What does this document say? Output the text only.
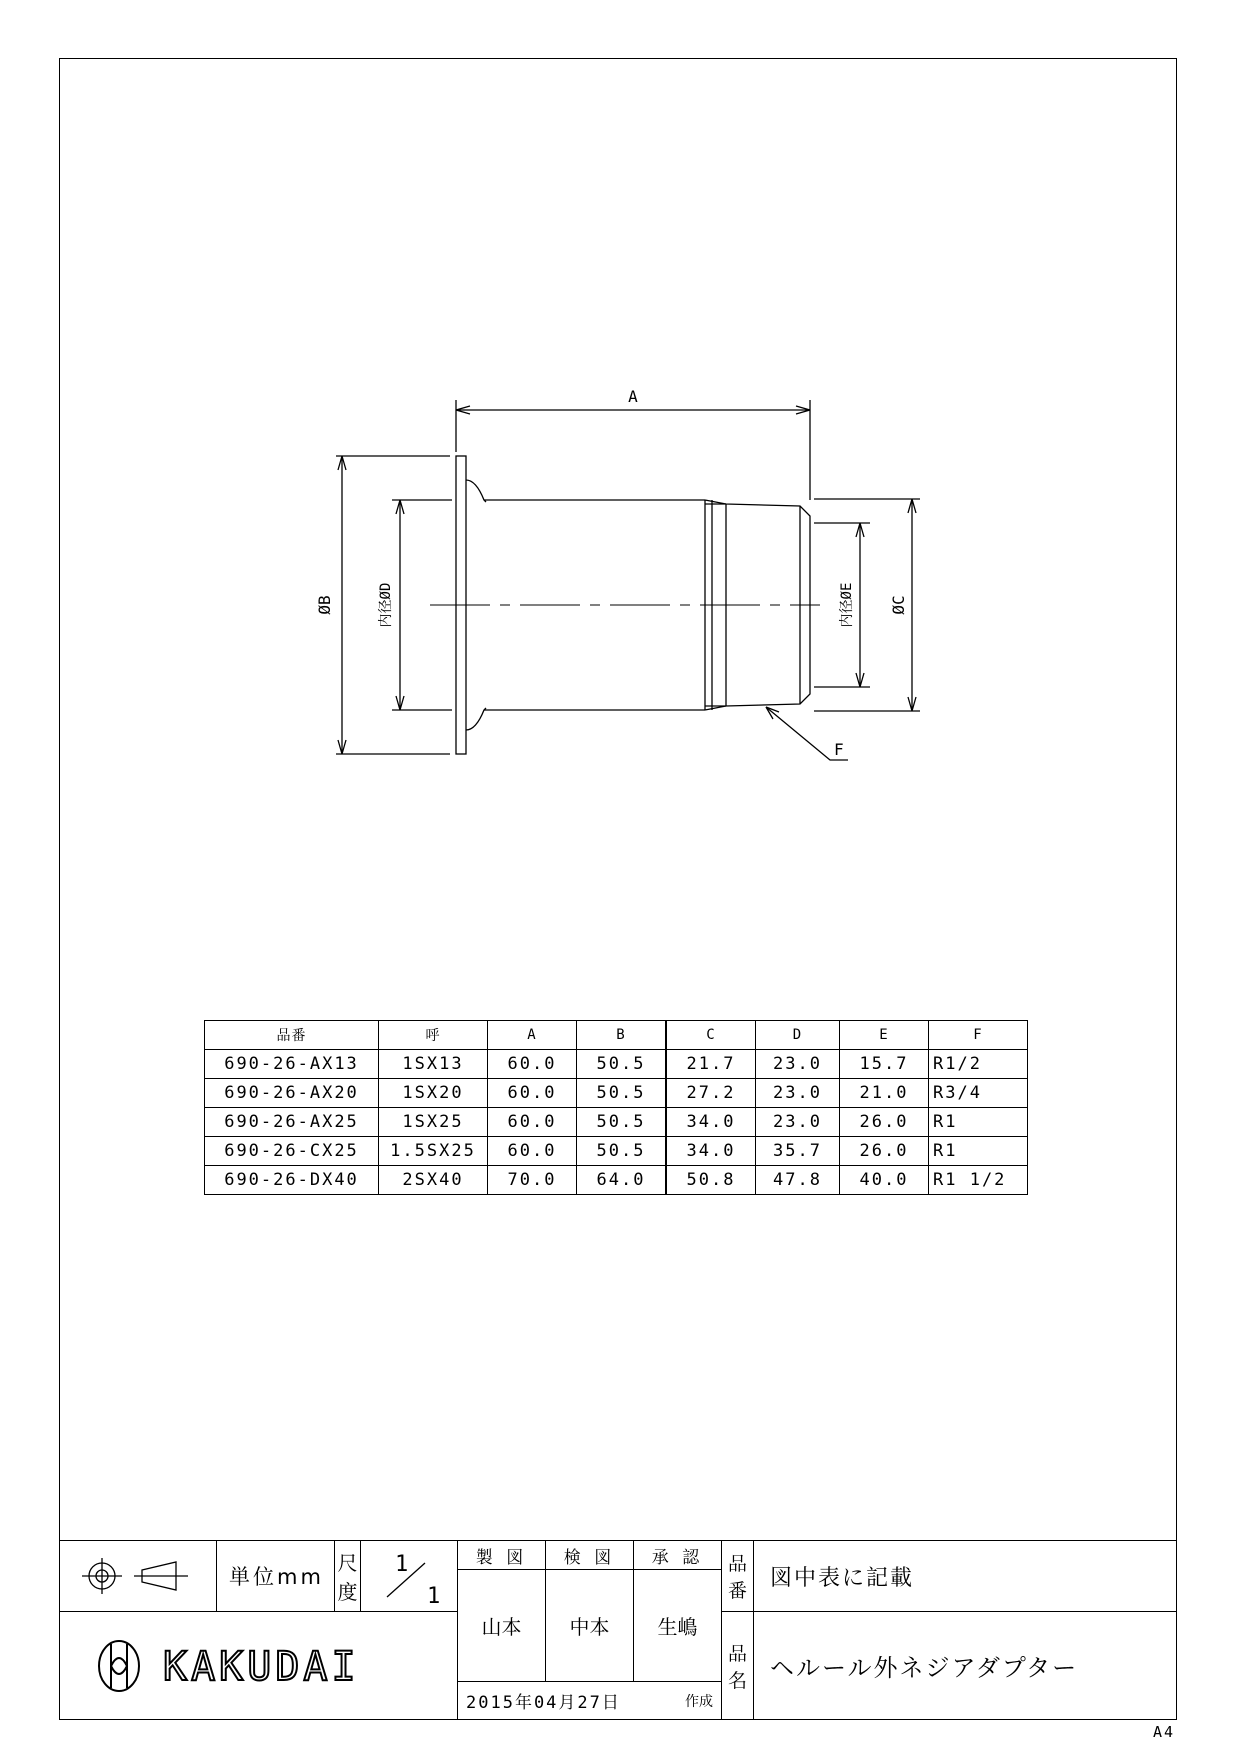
A
ØB	内径ØD	内径ØE ØC
F
品番	呼	A	B	C	D	E	F
690-26-AX13	1SX13	60.0	50.5	21.7	23.0	15.7	R1/2
690-26-AX20	1SX20	60.0	50.5	27.2	23.0	21.0	R3/4
690-26-AX25	1SX25	60.0	50.5	34.0	23.0	26.0	R1
690-26-CX25	1.5SX25	60.0	50.5	34.0	35.7	26.0	R1
690-26-DX40	2SX40	70.0	64.0	50.8	47.8	40.0	R1 1/2
単位mm
尺
度
1
1
KAKUDAI
製 図 検 図 承 認
山本 中本 生嶋
2015年04月27日	作成
品
番
図中表に記載
品
名 ヘルール外ネジアダプター
A4
